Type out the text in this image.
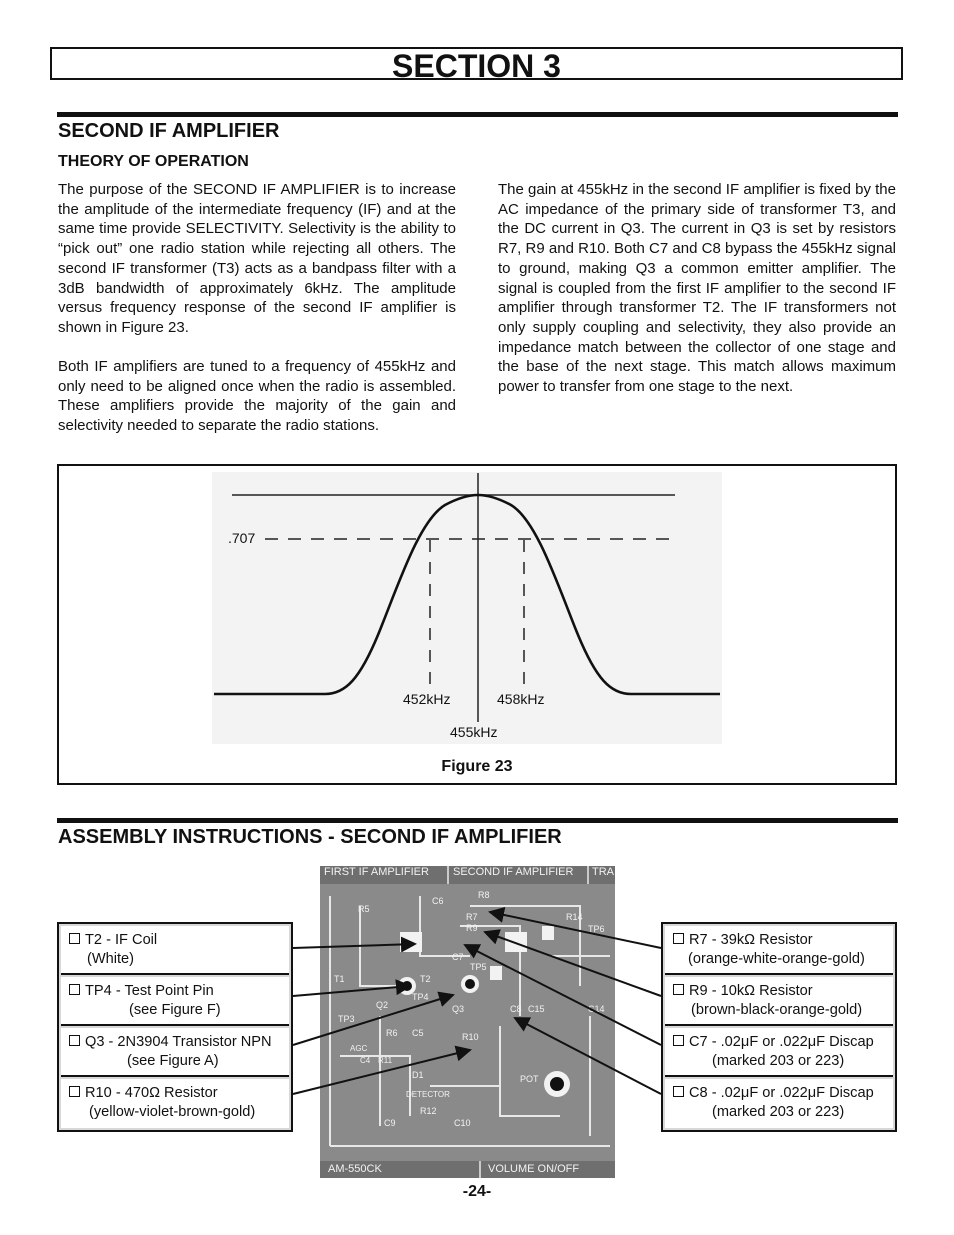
SECTION 3
SECOND IF AMPLIFIER
THEORY OF OPERATION

The purpose of the SECOND IF AMPLIFIER is to increase the amplitude of the intermediate frequency (IF) and at the same time provide SELECTIVITY. Selectivity is the ability to “pick out” one radio station while rejecting all others. The second IF transformer (T3) acts as a bandpass filter with a 3dB bandwidth of approximately 6kHz. The amplitude versus frequency response of the second IF amplifier is shown in Figure 23.

Both IF amplifiers are tuned to a frequency of 455kHz and only need to be aligned once when the radio is assembled. These amplifiers provide the majority of the gain and selectivity needed to separate the radio stations.

The gain at 455kHz in the second IF amplifier is fixed by the AC impedance of the primary side of transformer T3, and the DC current in Q3. The current in Q3 is set by resistors R7, R9 and R10. Both C7 and C8 bypass the 455kHz signal to ground, making Q3 a common emitter amplifier. The signal is coupled from the first IF amplifier to the second IF amplifier through transformer T2. The IF transformers not only supply coupling and selectivity, they also provide an impedance match between the collector of one stage and the base of the next stage. This match allows maximum power to transfer from one stage to the next.

.707
452kHz	458kHz
455kHz
Figure 23
ASSEMBLY INSTRUCTIONS - SECOND IF AMPLIFIER
FIRST IF AMPLIFIER SECOND IF AMPLIFIER TRA
AM-550CK	VOLUME ON/OFF
DETECTOR
AGC
R8
R5
C6
R7
R9
R14
TP6
T1	T2
TP4
Q2	Q3
TP5
C7
C8 C15	C14
R6 C5	R10
C4 R11
D1
R12
C9	C10
POT
TP3
T2 - IF Coil
(White)
TP4 - Test Point Pin
(see Figure F)
Q3 - 2N3904 Transistor NPN
(see Figure A)
R10 - 470Ω Resistor
(yellow-violet-brown-gold)
R7 - 39kΩ Resistor
(orange-white-orange-gold)
R9 - 10kΩ Resistor
(brown-black-orange-gold)
C7 - .02μF or .022μF Discap
(marked 203 or 223)
C8 - .02μF or .022μF Discap
(marked 203 or 223)
-24-
